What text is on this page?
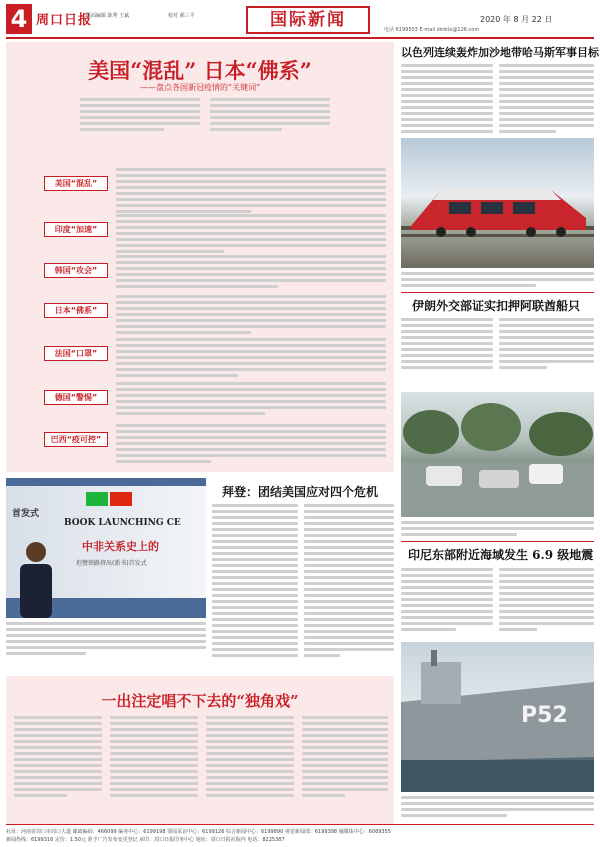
4 周口日报
版面编辑 陈秀 王斌	校对 郝三平	国际新闻	2020 年 8 月 22 日
电话 6199503 E-mail zkrbtx@126.com
美国“混乱” 日本“佛系”
——盘点各国新冠疫情的“关键词”
美国“混乱”
印度“加速”
韩国“攻会”
日本“佛系”
法国“口罩”
德国“警惕”
巴西“疫可控”
以色列连续轰炸加沙地带哈马斯军事目标
伊朗外交部证实扣押阿联酋船只
印尼东部附近海域发生 6.9 级地震
P52
首发式
BOOK LAUNCHING CE
中非关系史上的
坦赞铁路挤出(新书)首发式
拜登：团结美国应对四个危机
一出注定唱不下去的“独角戏”
社址：河南省周口市周口大道 邮政编码：466099 编务中心：6199198 要闻采访中心：6199126 综合新闻中心：6199890 视觉新闻部：6199398 融媒体中心：6069355
新闻热线：6199316 定价：1.50元 准予广告发布变更登记 承印：周口日报印务中心 地址：周口日报社院内 电话：8225387
